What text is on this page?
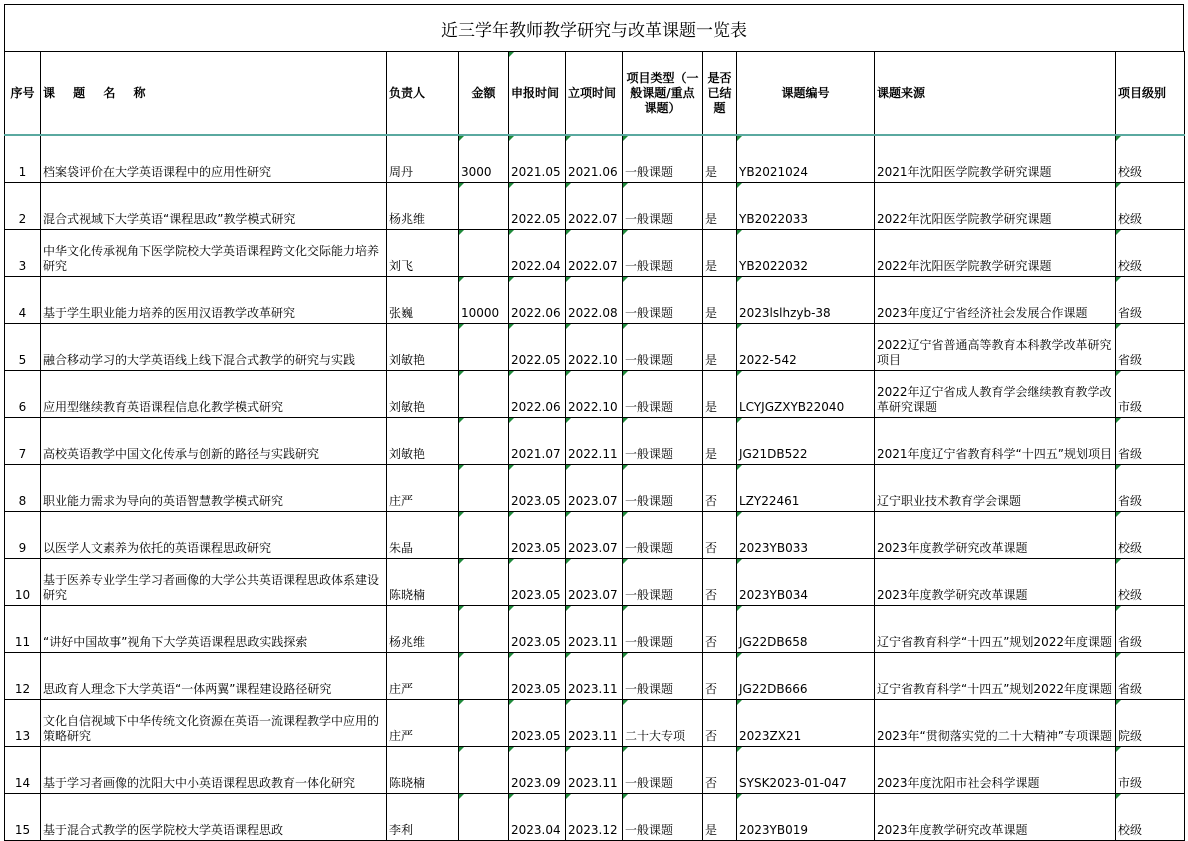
近三学年教师教学研究与改革课题一览表
序号	课 题 名 称	负责人	金额	申报时间	立项时间	项目类型（一般课题/重点课题）	是否已结题	课题编号	课题来源	项目级别
1	档案袋评价在大学英语课程中的应用性研究	周丹	3000	2021.05	2021.06	一般课题	是	YB2021024	2021年沈阳医学院教学研究课题	校级
2	混合式视域下大学英语“课程思政”教学模式研究	杨兆维		2022.05	2022.07	一般课题	是	YB2022033	2022年沈阳医学院教学研究课题	校级
3	中华文化传承视角下医学院校大学英语课程跨文化交际能力培养研究	刘飞		2022.04	2022.07	一般课题	是	YB2022032	2022年沈阳医学院教学研究课题	校级
4	基于学生职业能力培养的医用汉语教学改革研究	张巍	10000	2022.06	2022.08	一般课题	是	2023lslhzyb-38	2023年度辽宁省经济社会发展合作课题	省级
5	融合移动学习的大学英语线上线下混合式教学的研究与实践	刘敏艳		2022.05	2022.10	一般课题	是	2022-542	2022辽宁省普通高等教育本科教学改革研究项目	省级
6	应用型继续教育英语课程信息化教学模式研究	刘敏艳		2022.06	2022.10	一般课题	是	LCYJGZXYB22040	2022年辽宁省成人教育学会继续教育教学改革研究课题	市级
7	高校英语教学中国文化传承与创新的路径与实践研究	刘敏艳		2021.07	2022.11	一般课题	是	JG21DB522	2021年度辽宁省教育科学“十四五”规划项目	省级
8	职业能力需求为导向的英语智慧教学模式研究	庄严		2023.05	2023.07	一般课题	否	LZY22461	辽宁职业技术教育学会课题	省级
9	以医学人文素养为依托的英语课程思政研究	朱晶		2023.05	2023.07	一般课题	否	2023YB033	2023年度教学研究改革课题	校级
10	基于医养专业学生学习者画像的大学公共英语课程思政体系建设研究	陈晓楠		2023.05	2023.07	一般课题	否	2023YB034	2023年度教学研究改革课题	校级
11	“讲好中国故事”视角下大学英语课程思政实践探索	杨兆维		2023.05	2023.11	一般课题	否	JG22DB658	辽宁省教育科学“十四五”规划2022年度课题	省级
12	思政育人理念下大学英语“一体两翼”课程建设路径研究	庄严		2023.05	2023.11	一般课题	否	JG22DB666	辽宁省教育科学“十四五”规划2022年度课题	省级
13	文化自信视域下中华传统文化资源在英语一流课程教学中应用的策略研究	庄严		2023.05	2023.11	二十大专项	否	2023ZX21	2023年“贯彻落实党的二十大精神”专项课题	院级
14	基于学习者画像的沈阳大中小英语课程思政教育一体化研究	陈晓楠		2023.09	2023.11	一般课题	否	SYSK2023-01-047	2023年度沈阳市社会科学课题	市级
15	基于混合式教学的医学院校大学英语课程思政	李利		2023.04	2023.12	一般课题	是	2023YB019	2023年度教学研究改革课题	校级
